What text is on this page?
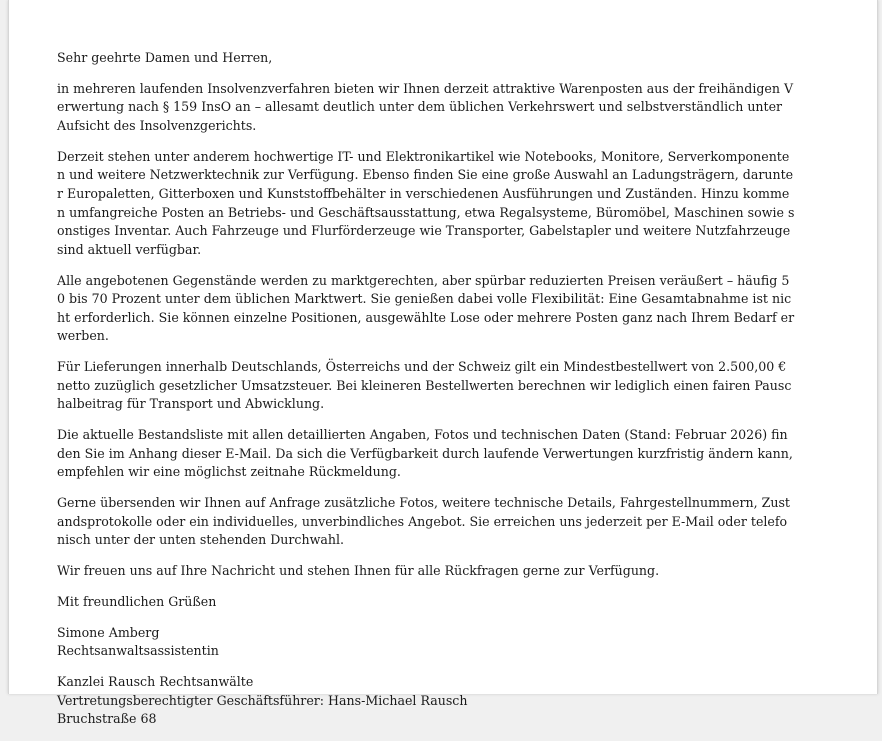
Sehr geehrte Damen und Herren,

in mehreren laufenden Insolvenzverfahren bieten wir Ihnen derzeit attraktive Warenposten aus der freihändigen Verwertung nach § 159 InsO an – allesamt deutlich unter dem üblichen Verkehrswert und selbstverständlich unter Aufsicht des Insolvenzgerichts.

Derzeit stehen unter anderem hochwertige IT- und Elektronikartikel wie Notebooks, Monitore, Serverkomponenten und weitere Netzwerktechnik zur Verfügung. Ebenso finden Sie eine große Auswahl an Ladungsträgern, darunter Europaletten, Gitterboxen und Kunststoffbehälter in verschiedenen Ausführungen und Zuständen. Hinzu kommen umfangreiche Posten an Betriebs- und Geschäftsausstattung, etwa Regalsysteme, Büromöbel, Maschinen sowie sonstiges Inventar. Auch Fahrzeuge und Flurförderzeuge wie Transporter, Gabelstapler und weitere Nutzfahrzeuge sind aktuell verfügbar.

Alle angebotenen Gegenstände werden zu marktgerechten, aber spürbar reduzierten Preisen veräußert – häufig 50 bis 70 Prozent unter dem üblichen Marktwert. Sie genießen dabei volle Flexibilität: Eine Gesamtabnahme ist nicht erforderlich. Sie können einzelne Positionen, ausgewählte Lose oder mehrere Posten ganz nach Ihrem Bedarf erwerben.

Für Lieferungen innerhalb Deutschlands, Österreichs und der Schweiz gilt ein Mindestbestellwert von 2.500,00 € netto zuzüglich gesetzlicher Umsatzsteuer. Bei kleineren Bestellwerten berechnen wir lediglich einen fairen Pauschalbeitrag für Transport und Abwicklung.

Die aktuelle Bestandsliste mit allen detaillierten Angaben, Fotos und technischen Daten (Stand: Februar 2026) finden Sie im Anhang dieser E-Mail. Da sich die Verfügbarkeit durch laufende Verwertungen kurzfristig ändern kann, empfehlen wir eine möglichst zeitnahe Rückmeldung.

Gerne übersenden wir Ihnen auf Anfrage zusätzliche Fotos, weitere technische Details, Fahrgestellnummern, Zustandsprotokolle oder ein individuelles, unverbindliches Angebot. Sie erreichen uns jederzeit per E-Mail oder telefonisch unter der unten stehenden Durchwahl.

Wir freuen uns auf Ihre Nachricht und stehen Ihnen für alle Rückfragen gerne zur Verfügung.

Mit freundlichen Grüßen

Simone Amberg
Rechtsanwaltsassistentin

Kanzlei Rausch Rechtsanwälte
Vertretungsberechtigter Geschäftsführer: Hans-Michael Rausch
Bruchstraße 68
